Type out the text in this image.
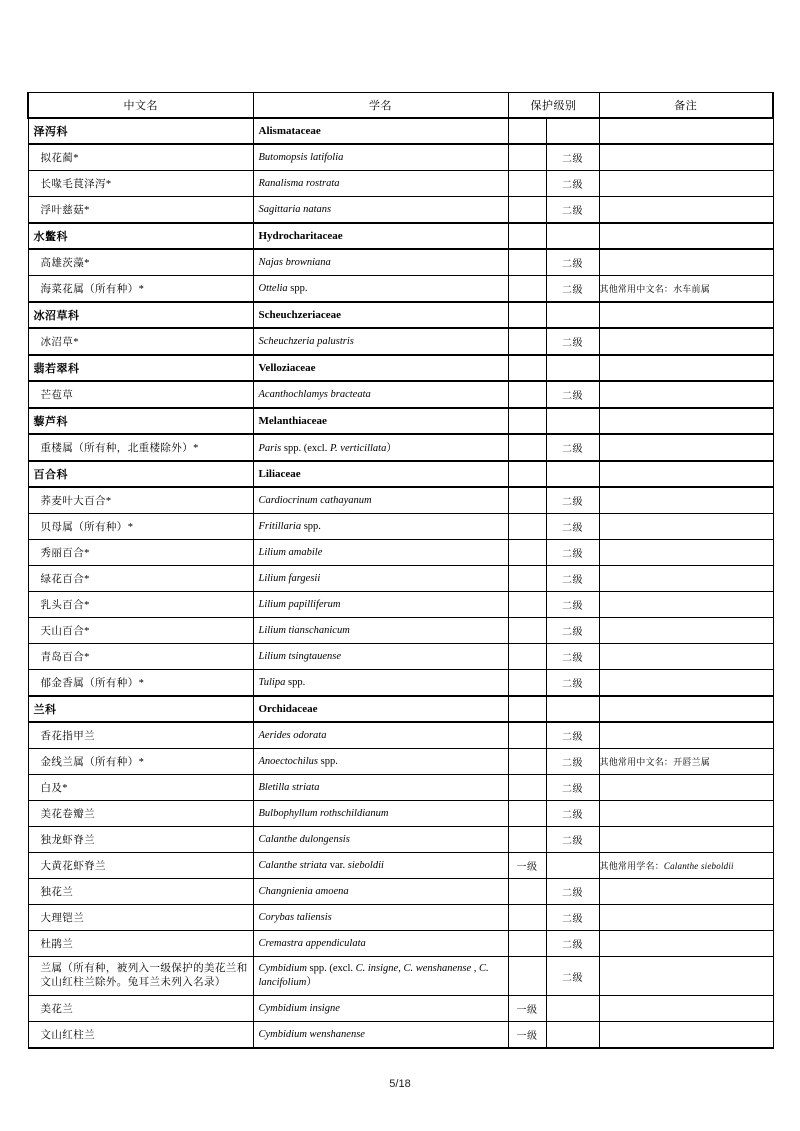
中文名	学名	保护级别		备注
泽泻科	Alismataceae			
拟花蔺*	Butomopsis latifolia		二级	
长喙毛茛泽泻*	Ranalisma rostrata		二级	
浮叶慈菇*	Sagittaria natans		二级	
水鳖科	Hydrocharitaceae			
高雄茨藻*	Najas browniana		二级	
海菜花属（所有种）*	Ottelia spp.		二级	其他常用中文名：水车前属
冰沼草科	Scheuchzeriaceae			
冰沼草*	Scheuchzeria palustris		二级	
翡若翠科	Velloziaceae			
芒苞草	Acanthochlamys bracteata		二级	
藜芦科	Melanthiaceae			
重楼属（所有种，北重楼除外）*	Paris spp. (excl. P. verticillata）		二级	
百合科	Liliaceae			
荞麦叶大百合*	Cardiocrinum cathayanum		二级	
贝母属（所有种）*	Fritillaria spp.		二级	
秀丽百合*	Lilium amabile		二级	
绿花百合*	Lilium fargesii		二级	
乳头百合*	Lilium papilliferum		二级	
天山百合*	Lilium tianschanicum		二级	
青岛百合*	Lilium tsingtauense		二级	
郁金香属（所有种）*	Tulipa spp.		二级	
兰科	Orchidaceae			
香花指甲兰	Aerides odorata		二级	
金线兰属（所有种）*	Anoectochilus spp.		二级	其他常用中文名：开唇兰属
白及*	Bletilla striata		二级	
美花卷瓣兰	Bulbophyllum rothschildianum		二级	
独龙虾脊兰	Calanthe dulongensis		二级	
大黄花虾脊兰	Calanthe striata var. sieboldii	一级		其他常用学名：Calanthe sieboldii
独花兰	Changnienia amoena		二级	
大理铠兰	Corybas taliensis		二级	
杜鹃兰	Cremastra appendiculata		二级	
兰属（所有种，被列入一级保护的美花兰和文山红柱兰除外。兔耳兰未列入名录）	Cymbidium spp. (excl. C. insigne, C. wenshanense , C. lancifolium）		二级	
美花兰	Cymbidium insigne	一级		
文山红柱兰	Cymbidium wenshanense	一级		
5/18
